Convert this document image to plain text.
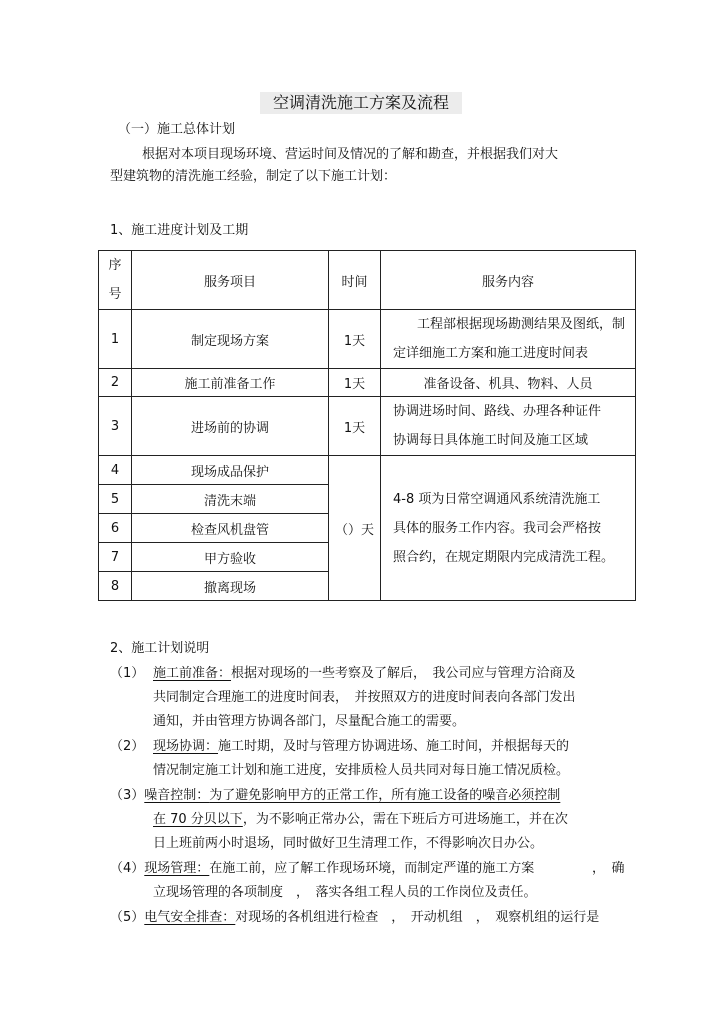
空调清洗施工方案及流程
（一）施工总体计划
根据对本项目现场环境、营运时间及情况的了解和勘查，并根据我们对大
型建筑物的清洗施工经验，制定了以下施工计划：
1、施工进度计划及工期
序
号	服务项目	时间	服务内容
1	制定现场方案	1天	工程部根据现场勘测结果及图纸，制
定详细施工方案和施工进度时间表

2	施工前准备工作	1天	准备设备、机具、物料、人员
3	进场前的协调	1天	协调进场时间、路线、办理各种证件
协调每日具体施工时间及施工区域

4	现场成品保护	（）天	4-8 项为日常空调通风系统清洗施工
具体的服务工作内容。我司会严格按
照合约，在规定期限内完成清洗工程。

5	清洗末端		
6	检查风机盘管		
7	甲方验收		
8	撤离现场		
2、施工计划说明
（1） 施工前准备：根据对现场的一些考察及了解后，　我公司应与管理方洽商及
共同制定合理施工的进度时间表，　并按照双方的进度时间表向各部门发出
通知，并由管理方协调各部门，尽量配合施工的需要。
（2） 现场协调：施工时期，及时与管理方协调进场、施工时间，并根据每天的
情况制定施工计划和施工进度，安排质检人员共同对每日施工情况质检。
（3）噪音控制：为了避免影响甲方的正常工作，所有施工设备的噪音必须控制
在 70 分贝以下，为不影响正常办公，需在下班后方可进场施工，并在次
日上班前两小时退场，同时做好卫生清理工作，不得影响次日办公。
（4）现场管理：在施工前，应了解工作现场环境，而制定严谨的施工方案	，　确
立现场管理的各项制度　，　落实各组工程人员的工作岗位及责任。
（5）电气安全排查：对现场的各机组进行检查　，　开动机组　，　观察机组的运行是
